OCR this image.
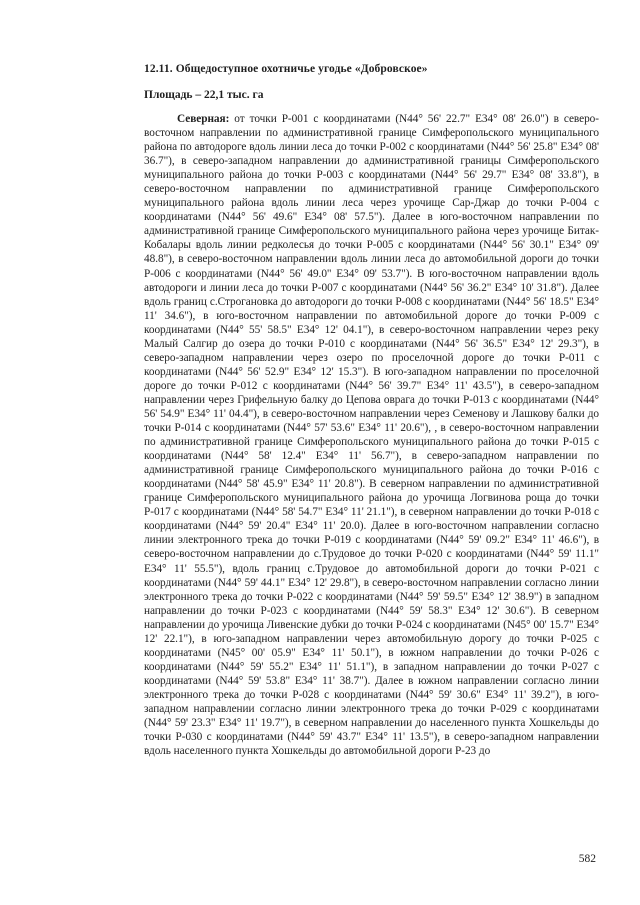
12.11. Общедоступное охотничье угодье «Добровское»

Площадь – 22,1 тыс. га

Северная: от точки Р-001 с координатами (N44° 56' 22.7" E34° 08' 26.0") в северо-восточном направлении по административной границе Симферопольского муниципального района по автодороге вдоль линии леса до точки Р-002 с координатами (N44° 56' 25.8" E34° 08' 36.7"), в северо-западном направлении до административной границы Симферопольского муниципального района до точки Р-003 с координатами (N44° 56' 29.7" E34° 08' 33.8"), в северо-восточном направлении по административной границе Симферопольского муниципального района вдоль линии леса через урочище Сар-Джар до точки Р-004 с координатами (N44° 56' 49.6" E34° 08' 57.5"). Далее в юго-восточном направлении по административной границе Симферопольского муниципального района через урочище Битак-Кобалары вдоль линии редколесья до точки Р-005 с координатами (N44° 56' 30.1" E34° 09' 48.8"), в северо-восточном направлении вдоль линии леса до автомобильной дороги до точки Р-006 с координатами (N44° 56' 49.0" E34° 09' 53.7"). В юго-восточном направлении вдоль автодороги и линии леса до точки Р-007 с координатами (N44° 56' 36.2" E34° 10' 31.8"). Далее вдоль границ с.Строгановка до автодороги до точки Р-008 с координатами (N44° 56' 18.5" E34° 11' 34.6"), в юго-восточном направлении по автомобильной дороге до точки Р-009 с координатами (N44° 55' 58.5" E34° 12' 04.1"), в северо-восточном направлении через реку Малый Салгир до озера до точки Р-010 с координатами (N44° 56' 36.5" E34° 12' 29.3"), в северо-западном направлении через озеро по проселочной дороге до точки Р-011 с координатами (N44° 56' 52.9" E34° 12' 15.3"). В юго-западном направлении по проселочной дороге до точки Р-012 с координатами (N44° 56' 39.7" E34° 11' 43.5"), в северо-западном направлении через Грифельную балку до Цепова оврага до точки Р-013 с координатами (N44° 56' 54.9" E34° 11' 04.4"), в северо-восточном направлении через Семенову и Лашкову балки до точки Р-014 с координатами (N44° 57' 53.6" E34° 11' 20.6"), , в северо-восточном направлении по административной границе Симферопольского муниципального района до точки Р-015 с координатами (N44° 58' 12.4" E34° 11' 56.7"), в северо-западном направлении по административной границе Симферопольского муниципального района до точки Р-016 с координатами (N44° 58' 45.9" E34° 11' 20.8"). В северном направлении по административной границе Симферопольского муниципального района до урочища Логвинова роща до точки Р-017 с координатами (N44° 58' 54.7" E34° 11' 21.1"), в северном направлении до точки Р-018 с координатами (N44° 59' 20.4" E34° 11' 20.0). Далее в юго-восточном направлении согласно линии электронного трека до точки Р-019 с координатами (N44° 59' 09.2" E34° 11' 46.6"), в северо-восточном направлении до с.Трудовое до точки Р-020 с координатами (N44° 59' 11.1" E34° 11' 55.5"), вдоль границ с.Трудовое до автомобильной дороги до точки Р-021 с координатами (N44° 59' 44.1" E34° 12' 29.8"), в северо-восточном направлении согласно линии электронного трека до точки Р-022 с координатами (N44° 59' 59.5" E34° 12' 38.9") в западном направлении до точки Р-023 с координатами (N44° 59' 58.3" E34° 12' 30.6"). В северном направлении до урочища Ливенские дубки до точки Р-024 с координатами (N45° 00' 15.7" E34° 12' 22.1"), в юго-западном направлении через автомобильную дорогу до точки Р-025 с координатами (N45° 00' 05.9" E34° 11' 50.1"), в южном направлении до точки Р-026 с координатами (N44° 59' 55.2" E34° 11' 51.1"), в западном направлении до точки Р-027 с координатами (N44° 59' 53.8" E34° 11' 38.7"). Далее в южном направлении согласно линии электронного трека до точки Р-028 с координатами (N44° 59' 30.6" E34° 11' 39.2"), в юго-западном направлении согласно линии электронного трека до точки Р-029 с координатами (N44° 59' 23.3" E34° 11' 19.7"), в северном направлении до населенного пункта Хошкельды до точки Р-030 с координатами (N44° 59' 43.7" E34° 11' 13.5"), в северо-западном направлении вдоль населенного пункта Хошкельды до автомобильной дороги Р-23 до

582
